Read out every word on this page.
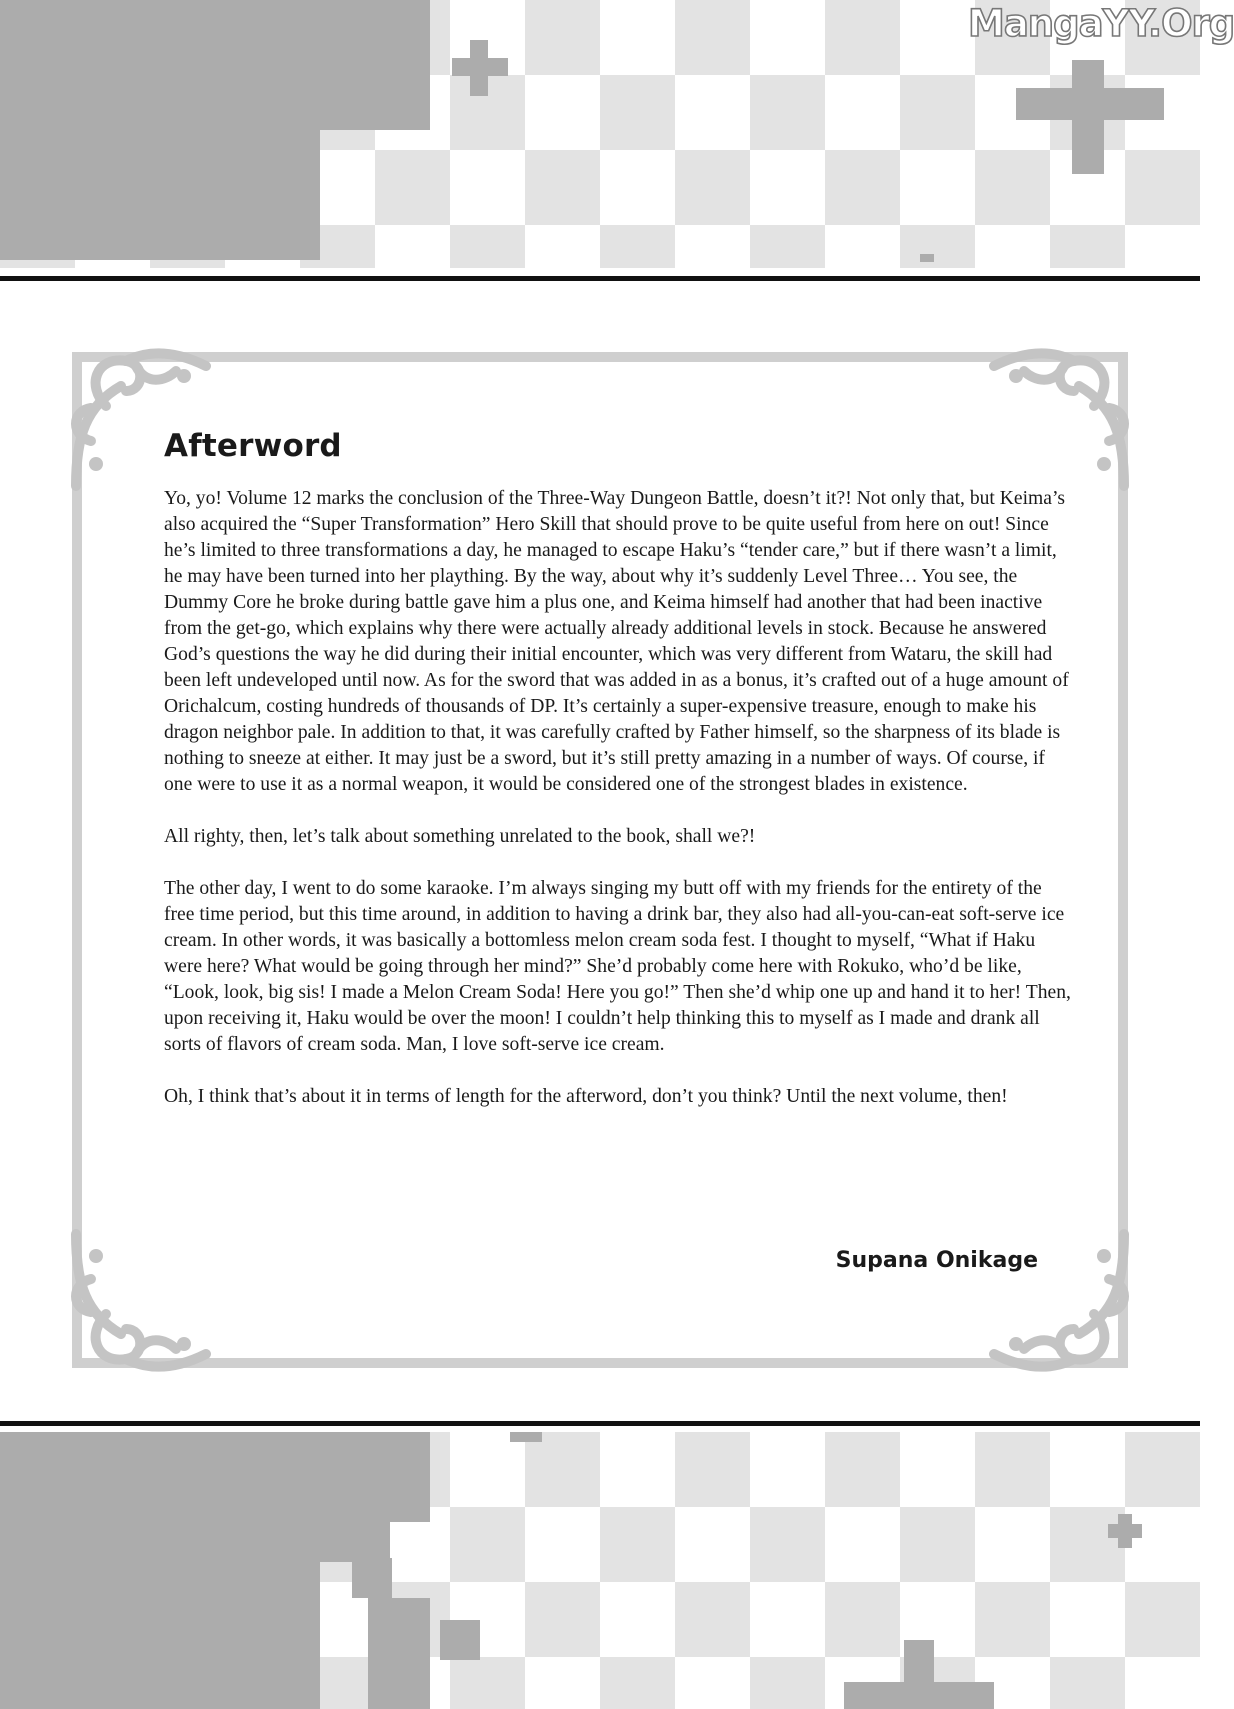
MangaYY.Org
Afterword

Yo, yo! Volume 12 marks the conclusion of the Three-Way Dungeon Battle, doesn’t it?! Not only that, but Keima’s also acquired the “Super Transformation” Hero Skill that should prove to be quite useful from here on out! Since he’s limited to three transformations a day, he managed to escape Haku’s “tender care,” but if there wasn’t a limit, he may have been turned into her plaything. By the way, about why it’s suddenly Level Three… You see, the Dummy Core he broke during battle gave him a plus one, and Keima himself had another that had been inactive from the get-go, which explains why there were actually already additional levels in stock. Because he answered God’s questions the way he did during their initial encounter, which was very different from Wataru, the skill had been left undeveloped until now. As for the sword that was added in as a bonus, it’s crafted out of a huge amount of Orichalcum, costing hundreds of thousands of DP. It’s certainly a super-expensive treasure, enough to make his dragon neighbor pale. In addition to that, it was carefully crafted by Father himself, so the sharpness of its blade is nothing to sneeze at either. It may just be a sword, but it’s still pretty amazing in a number of ways. Of course, if one were to use it as a normal weapon, it would be considered one of the strongest blades in existence.

All righty, then, let’s talk about something unrelated to the book, shall we?!

The other day, I went to do some karaoke. I’m always singing my butt off with my friends for the entirety of the free time period, but this time around, in addition to having a drink bar, they also had all-you-can-eat soft-serve ice cream. In other words, it was basically a bottomless melon cream soda fest. I thought to myself, “What if Haku were here? What would be going through her mind?” She’d probably come here with Rokuko, who’d be like, “Look, look, big sis! I made a Melon Cream Soda! Here you go!” Then she’d whip one up and hand it to her! Then, upon receiving it, Haku would be over the moon! I couldn’t help thinking this to myself as I made and drank all sorts of flavors of cream soda. Man, I love soft-serve ice cream.

Oh, I think that’s about it in terms of length for the afterword, don’t you think? Until the next volume, then!

Supana Onikage
